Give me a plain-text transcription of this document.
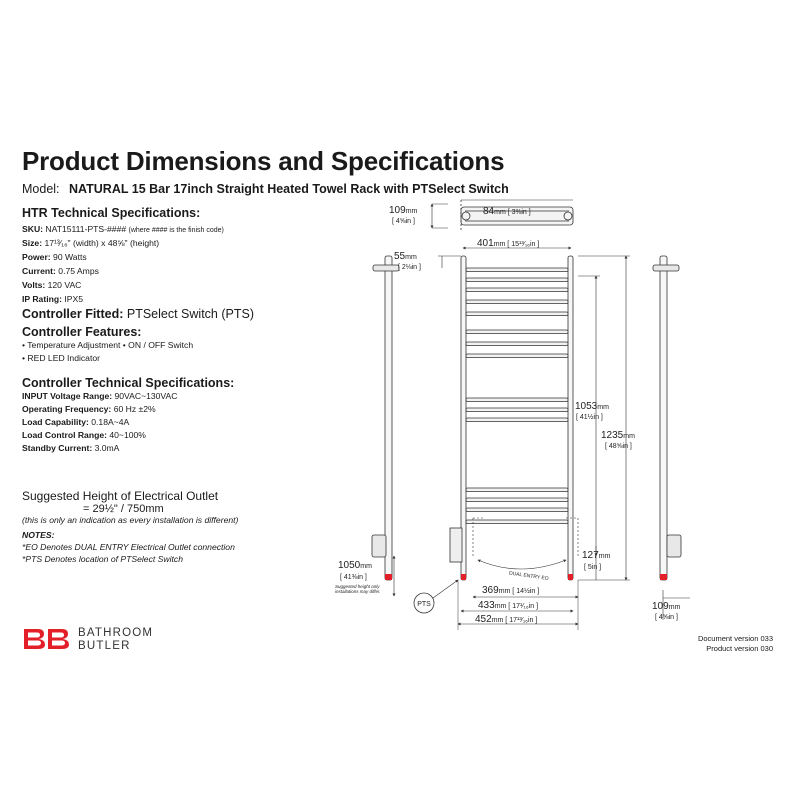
Product Dimensions and Specifications
Model: NATURAL 15 Bar 17inch Straight Heated Towel Rack with PTSelect Switch
HTR Technical Specifications:
SKU: NAT15111-PTS-#### (where #### is the finish code)
Size: 17¹³⁄₁₆" (width) x 48⅝" (height)
Power: 90 Watts
Current: 0.75 Amps
Volts: 120 VAC
IP Rating: IPX5
Controller Fitted: PTSelect Switch (PTS)
Controller Features:
• Temperature Adjustment • ON / OFF Switch
• RED LED Indicator
Controller Technical Specifications:
INPUT Voltage Range: 90VAC~130VAC
Operating Frequency: 60 Hz ±2%
Load Capability: 0.18A~4A
Load Control Range: 40~100%
Standby Current: 3.0mA
Suggested Height of Electrical Outlet
= 29½" / 750mm
(this is only an indication as every installation is different)
NOTES:
*EO Denotes DUAL ENTRY Electrical Outlet connection
*PTS Denotes location of PTSelect Switch
BATHROOM
BUTLER
Document version 033
Product version 030
109mm
[ 4⅝in ]
84mm [ 3⅜in ]
401mm [ 15¹³⁄₁₆in ]
55mm
[ 2⅛in ]
1053mm
[ 41½in ]
1235mm
[ 48⅝in ]
127mm
[ 5in ]
1050mm
[ 41⅜in ]
Suggested height only
installations may differ.	369mm [ 14½in ]
433mm [ 17¹⁄₁₆in ]
452mm [ 17¹³⁄₁₆in ]
109mm
[ 4⅝in ]
DUAL ENTRY EO
PTS
